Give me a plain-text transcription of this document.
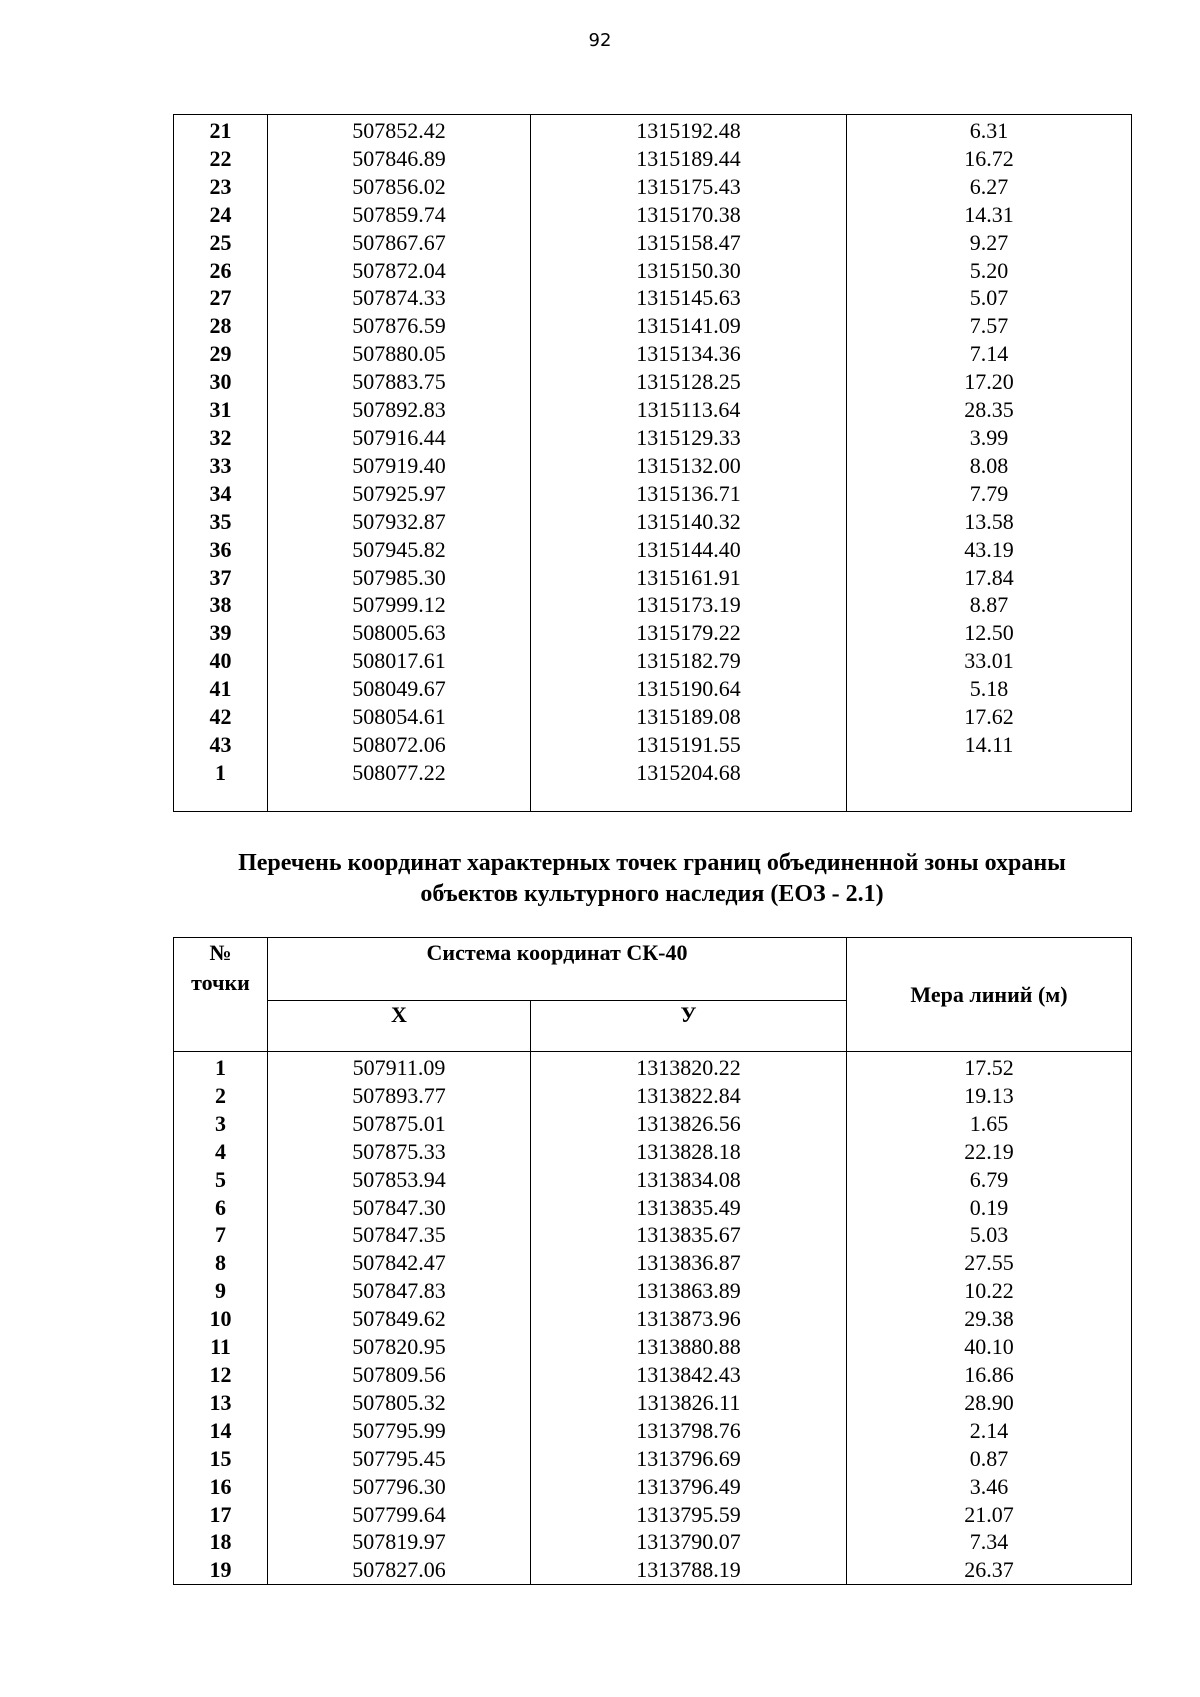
92
21	507852.42	1315192.48	6.31
22	507846.89	1315189.44	16.72
23	507856.02	1315175.43	6.27
24	507859.74	1315170.38	14.31
25	507867.67	1315158.47	9.27
26	507872.04	1315150.30	5.20
27	507874.33	1315145.63	5.07
28	507876.59	1315141.09	7.57
29	507880.05	1315134.36	7.14
30	507883.75	1315128.25	17.20
31	507892.83	1315113.64	28.35
32	507916.44	1315129.33	3.99
33	507919.40	1315132.00	8.08
34	507925.97	1315136.71	7.79
35	507932.87	1315140.32	13.58
36	507945.82	1315144.40	43.19
37	507985.30	1315161.91	17.84
38	507999.12	1315173.19	8.87
39	508005.63	1315179.22	12.50
40	508017.61	1315182.79	33.01
41	508049.67	1315190.64	5.18
42	508054.61	1315189.08	17.62
43	508072.06	1315191.55	14.11
1	508077.22	1315204.68	

Перечень координат характерных точек границ объединенной зоны охраны
объектов культурного наследия (ЕОЗ - 2.1)
№
точки	Система координат СК-40		Мера линий (м)
	Х	У	
1	507911.09	1313820.22	17.52
2	507893.77	1313822.84	19.13
3	507875.01	1313826.56	1.65
4	507875.33	1313828.18	22.19
5	507853.94	1313834.08	6.79
6	507847.30	1313835.49	0.19
7	507847.35	1313835.67	5.03
8	507842.47	1313836.87	27.55
9	507847.83	1313863.89	10.22
10	507849.62	1313873.96	29.38
11	507820.95	1313880.88	40.10
12	507809.56	1313842.43	16.86
13	507805.32	1313826.11	28.90
14	507795.99	1313798.76	2.14
15	507795.45	1313796.69	0.87
16	507796.30	1313796.49	3.46
17	507799.64	1313795.59	21.07
18	507819.97	1313790.07	7.34
19	507827.06	1313788.19	26.37
